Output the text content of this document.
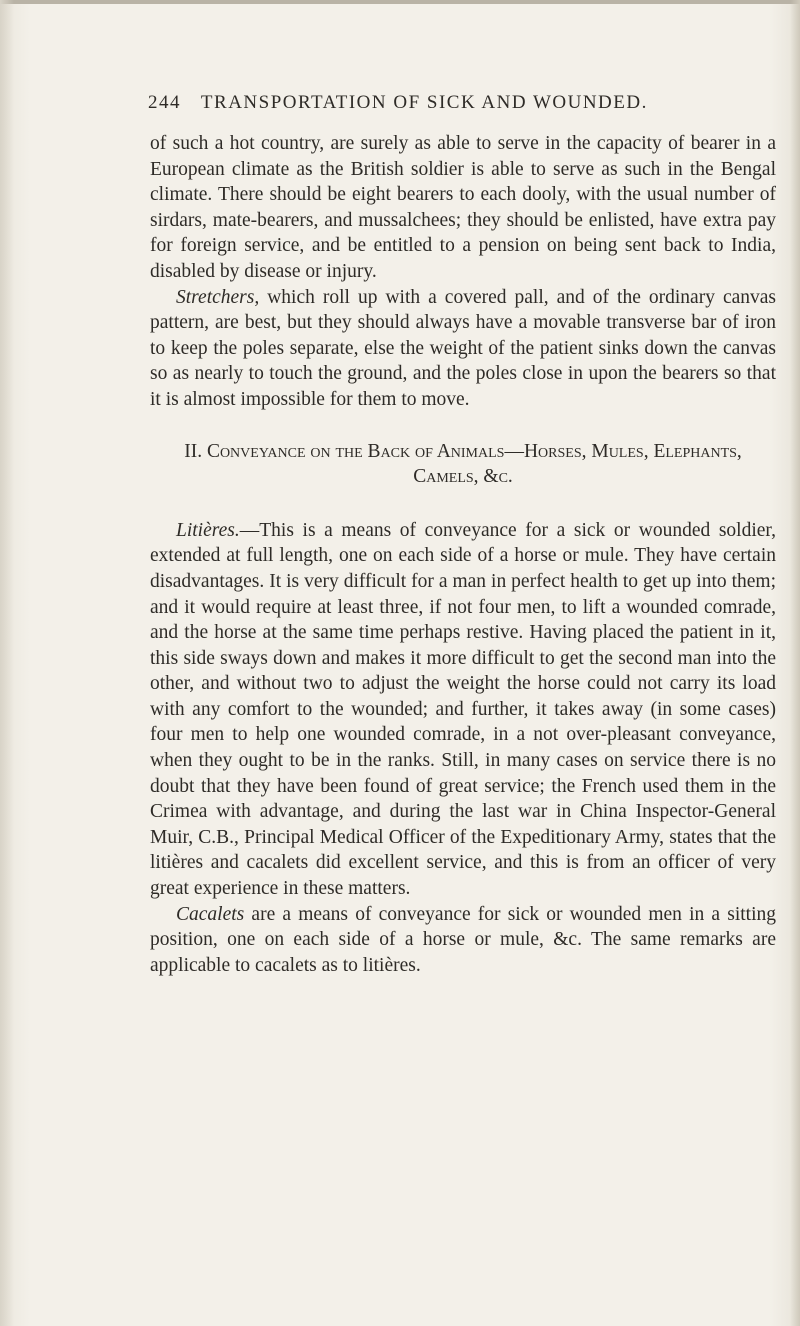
244 TRANSPORTATION OF SICK AND WOUNDED.

of such a hot country, are surely as able to serve in the capacity of bearer in a European climate as the British soldier is able to serve as such in the Bengal climate. There should be eight bearers to each dooly, with the usual number of sirdars, mate-bearers, and mussalchees; they should be enlisted, have extra pay for foreign service, and be entitled to a pension on being sent back to India, disabled by disease or injury.

Stretchers, which roll up with a covered pall, and of the ordinary canvas pattern, are best, but they should always have a movable transverse bar of iron to keep the poles separate, else the weight of the patient sinks down the canvas so as nearly to touch the ground, and the poles close in upon the bearers so that it is almost impossible for them to move.

II. Conveyance on the Back of Animals—Horses, Mules, Elephants, Camels, &c.

Litières.—This is a means of conveyance for a sick or wounded soldier, extended at full length, one on each side of a horse or mule. They have certain disadvantages. It is very difficult for a man in perfect health to get up into them; and it would require at least three, if not four men, to lift a wounded comrade, and the horse at the same time perhaps restive. Having placed the patient in it, this side sways down and makes it more difficult to get the second man into the other, and without two to adjust the weight the horse could not carry its load with any comfort to the wounded; and further, it takes away (in some cases) four men to help one wounded comrade, in a not over-pleasant conveyance, when they ought to be in the ranks. Still, in many cases on service there is no doubt that they have been found of great service; the French used them in the Crimea with advantage, and during the last war in China Inspector-General Muir, C.B., Principal Medical Officer of the Expeditionary Army, states that the litières and cacalets did excellent service, and this is from an officer of very great experience in these matters.

Cacalets are a means of conveyance for sick or wounded men in a sitting position, one on each side of a horse or mule, &c. The same remarks are applicable to cacalets as to litières.
